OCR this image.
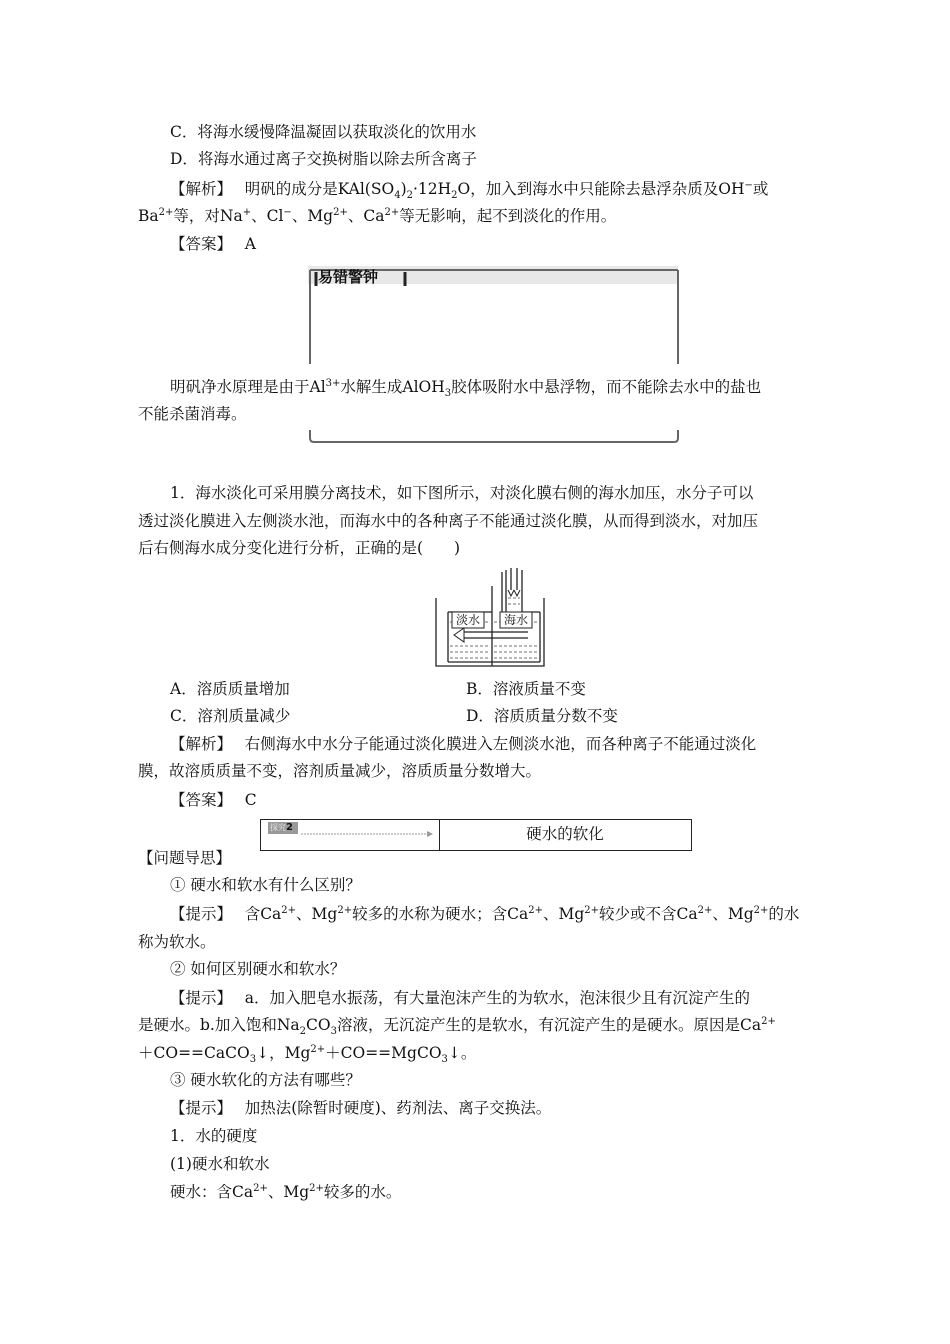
C．将海水缓慢降温凝固以获取淡化的饮用水
D．将海水通过离子交换树脂以除去所含离子
【解析】　 明矾的成分是$KAl(SO_4)_2\cdot 12H_2O$，加入到海水中只能除去悬浮杂质及OH−或
$Ba^{2+}$等，对Na+、Cl−、$Mg^{2+}$、$Ca^{2+}$等无影响，起不到淡化的作用。
【答案】　 A
易错警钟
明矾净水原理是由于$Al^{3+}$水解生成AlOH$_3$胶体吸附水中悬浮物，而不能除去水中的盐也
不能杀菌消毒。
1．海水淡化可采用膜分离技术，如下图所示，对淡化膜右侧的海水加压，水分子可以
透过淡化膜进入左侧淡水池，而海水中的各种离子不能通过淡化膜，从而得到淡水，对加压
后右侧海水成分变化进行分析，正确的是(　　)
淡水	海水
A．溶质质量增加	B．溶液质量不变
C．溶剂质量减少	D．溶质质量分数不变
【解析】　 右侧海水中水分子能通过淡化膜进入左侧淡水池，而各种离子不能通过淡化
膜，故溶质质量不变，溶剂质量减少，溶质质量分数增大。
【答案】　 C
探究2	硬水的软化
【问题导思】
① 硬水和软水有什么区别？
【提示】　 含$Ca^{2+}$、$Mg^{2+}$较多的水称为硬水；含$Ca^{2+}$、$Mg^{2+}$较少或不含$Ca^{2+}$、$Mg^{2+}$的水
称为软水。
② 如何区别硬水和软水？
【提示】　 a．加入肥皂水振荡，有大量泡沫产生的为软水，泡沫很少且有沉淀产生的
是硬水。b.加入饱和$Na_2CO_3$溶液，无沉淀产生的是软水，有沉淀产生的是硬水。原因是$Ca^{2+}$
＋CO==CaCO$_3$↓，$Mg^{2+}+CO==MgCO_3↓$。
③ 硬水软化的方法有哪些？
【提示】　 加热法(除暂时硬度)、药剂法、离子交换法。
1．水的硬度
(1)硬水和软水
硬水：含$Ca^{2+}$、$Mg^{2+}$较多的水。
